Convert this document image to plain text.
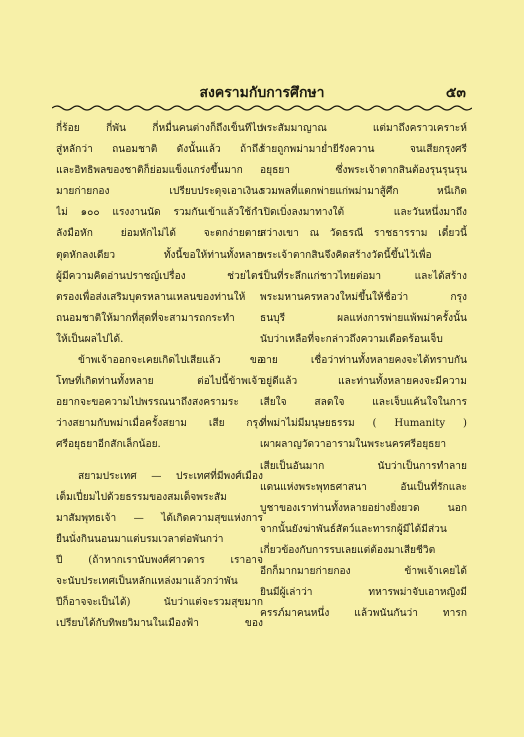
สงครามกับการศึกษา	๕๓
กี่ร้อย กี่พัน กี่หมื่นคนต่างก็ถึงเข็นทีไป
สู่หลักว่า ถนอมชาติ ดังนั้นแล้ว ถ้าถึง
และอิทธิพลของชาติก็ย่อมแข็งแกร่งขึ้นมาก
มายก่ายกอง เปรียบประดุจเอาเงินง
ไม่ ๑๐๐ แรงงานนัด รวมกันเข้าแล้วใช้กำ
ลังมือหัก ย่อมหักไม่ได้ จะตกง่ายตาย
ตุดหักลงเดียว ทั้งนี้ขอให้ท่านทั้งหลาย
ผู้มีความคิดอ่านปราชญ์เปรื่อง ช่วยไตร่
ตรองเพื่อส่งเสริมบุตรหลานเหลนของท่านให้
ถนอมชาติให้มากที่สุดที่จะสามารถกระทำ
ให้เป็นผลไปได้.
ข้าพเจ้าออกจะเคยเกิดไปเสียแล้ว ขอ
โทษที่เกิดท่านทั้งหลาย ต่อไปนี้ข้าพเจ้า
อยากจะขอความไปพรรณนาถึงสงครามระ
ว่างสยามกับพม่าเมื่อครั้งสยาม เสีย กรุง
ศรีอยุธยาอีกสักเล็กน้อย.
สยามประเทศ — ประเทศที่มีพงศ์เมือง
เต็มเปี่ยมไปด้วยธรรมของสมเด็จพระสัม
มาสัมพุทธเจ้า — ได้เกิดความสุขแห่งการ
ยืนนั่งกินนอนมาแต่บรมเวลาต่อพันกว่า
ปี (ถ้าหากเรานับพงศ์ศาวดาร เราอาจ
จะนับประเทศเป็นหลักแหล่งมาแล้วกว่าพัน
ปีก็อาจจะเป็นได้) นับว่าแต่จะรวมสุขมาก
เปรียบได้กับทิพยวิมานในเมืองฟ้า ของ
พระสัมมาญาณ แต่มาถึงคราวเคราะห์
ร้ายถูกพม่ามาย่ำยีรังควาน จนเสียกรุงศรี
อยุธยา ซึ่งพระเจ้าตากสินต้องรุนรุนรุน
รวมพลที่แตกพ่ายแก่พม่ามาสู้ศึก หนีเกิด
เปิดเบิ่งลงมาทางใต้ และวันหนึ่งมาถึง
สว่างเขา ณ วัดธรณี ราชธารราม เดี๋ยวนี้
พระเจ้าตากสินจึงคิดสร้างวัดนี้ขึ้นไว้เพื่อ
เป็นที่ระลึกแก่ชาวไทยต่อมา และได้สร้าง
พระมหานครหลวงใหม่ขึ้นให้ชื่อว่า กรุง
ธนบุรี ผลแห่งการพ่ายแพ้พม่าครั้งนั้น
นับว่าเหลือที่จะกล่าวถึงความเดือดร้อนเจ็บ
อาย เชื่อว่าท่านทั้งหลายคงจะได้ทราบกัน
อยู่ดีแล้ว และท่านทั้งหลายคงจะมีความ
เสียใจ สลดใจ และเจ็บแค้นใจในการ
ที่พม่าไม่มีมนุษยธรรม ( Humanity )
เผาผลาญวัดวาอารามในพระนครศรีอยุธยา
เสียเป็นอันมาก นับว่าเป็นการทำลาย
แดนแห่งพระพุทธศาสนา อันเป็นที่รักและ
บูชาของเราท่านทั้งหลายอย่างยิ่งยวด นอก
จากนั้นยังฆ่าพันธ์สัตว์และทารกผู้มีได้มีส่วน
เกี่ยวข้องกับการรบเลยแต่ต้องมาเสียชีวิต
อีกก็มากมายก่ายกอง ข้าพเจ้าเคยได้
ยินมีผู้เล่าว่า ทหารพม่าจับเอาหญิงมี
ครรภ์มาคนหนึ่ง แล้วพนันกันว่า ทารก
